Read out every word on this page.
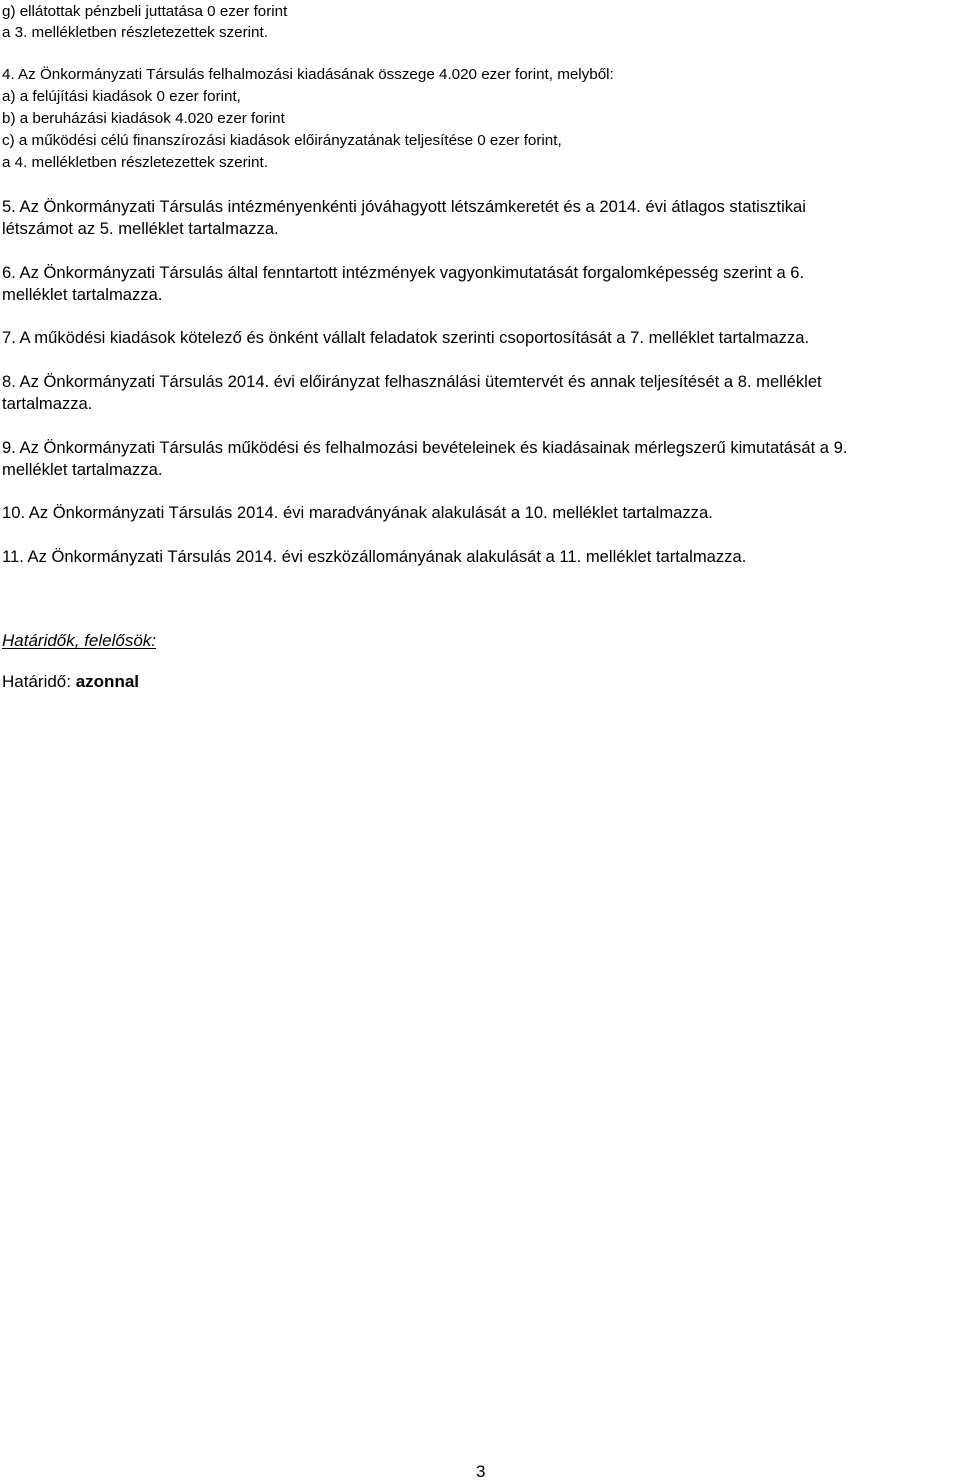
g) ellátottak pénzbeli juttatása 0 ezer forint
a 3. mellékletben részletezettek szerint.
4. Az Önkormányzati Társulás felhalmozási kiadásának összege 4.020 ezer forint, melyből:
a) a felújítási kiadások 0 ezer forint,
b) a beruházási kiadások 4.020 ezer forint
c) a működési célú finanszírozási kiadások előirányzatának teljesítése 0 ezer forint,
a 4. mellékletben részletezettek szerint.
5. Az Önkormányzati Társulás intézményenkénti jóváhagyott létszámkeretét és a 2014. évi átlagos statisztikai
létszámot az 5. melléklet tartalmazza.
6. Az Önkormányzati Társulás által fenntartott intézmények vagyonkimutatását forgalomképesség szerint a 6.
melléklet tartalmazza.
7. A működési kiadások kötelező és önként vállalt feladatok szerinti csoportosítását a 7. melléklet tartalmazza.
8. Az Önkormányzati Társulás 2014. évi előirányzat felhasználási ütemtervét és annak teljesítését a 8. melléklet
tartalmazza.
9. Az Önkormányzati Társulás működési és felhalmozási bevételeinek és kiadásainak mérlegszerű kimutatását a 9.
melléklet tartalmazza.
10. Az Önkormányzati Társulás 2014. évi maradványának alakulását a 10. melléklet tartalmazza.
11. Az Önkormányzati Társulás 2014. évi eszközállományának alakulását a 11. melléklet tartalmazza.
Határidők, felelősök:
Határidő: azonnal
3
